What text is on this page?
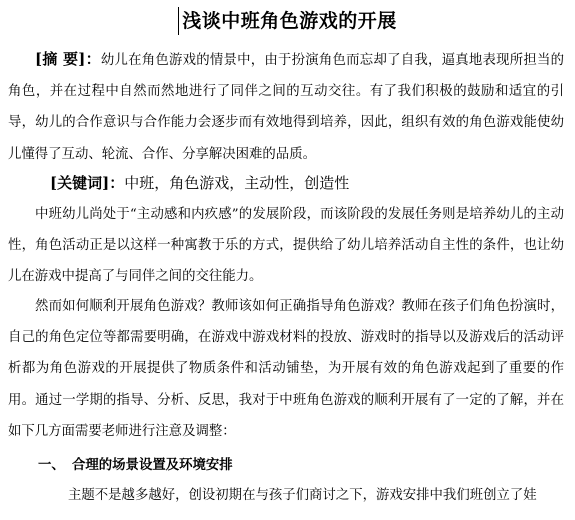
浅谈中班角色游戏的开展
[摘 要]：幼儿在角色游戏的情景中，由于扮演角色而忘却了自我，逼真地表现所担当的角色，并在过程中自然而然地进行了同伴之间的互动交往。有了我们积极的鼓励和适宜的引导，幼儿的合作意识与合作能力会逐步而有效地得到培养，因此，组织有效的角色游戏能使幼儿懂得了互动、轮流、合作、分享解决困难的品质。
[关键词]：中班，角色游戏，主动性，创造性
中班幼儿尚处于“主动感和内疚感”的发展阶段，而该阶段的发展任务则是培养幼儿的主动性，角色活动正是以这样一种寓教于乐的方式，提供给了幼儿培养活动自主性的条件，也让幼儿在游戏中提高了与同伴之间的交往能力。
然而如何顺利开展角色游戏？教师该如何正确指导角色游戏？教师在孩子们角色扮演时，自己的角色定位等都需要明确，在游戏中游戏材料的投放、游戏时的指导以及游戏后的活动评析都为角色游戏的开展提供了物质条件和活动铺垫，为开展有效的角色游戏起到了重要的作用。通过一学期的指导、分析、反思，我对于中班角色游戏的顺利开展有了一定的了解，并在如下几方面需要老师进行注意及调整：
一、 合理的场景设置及环境安排
主题不是越多越好，创设初期在与孩子们商讨之下，游戏安排中我们班创立了娃
